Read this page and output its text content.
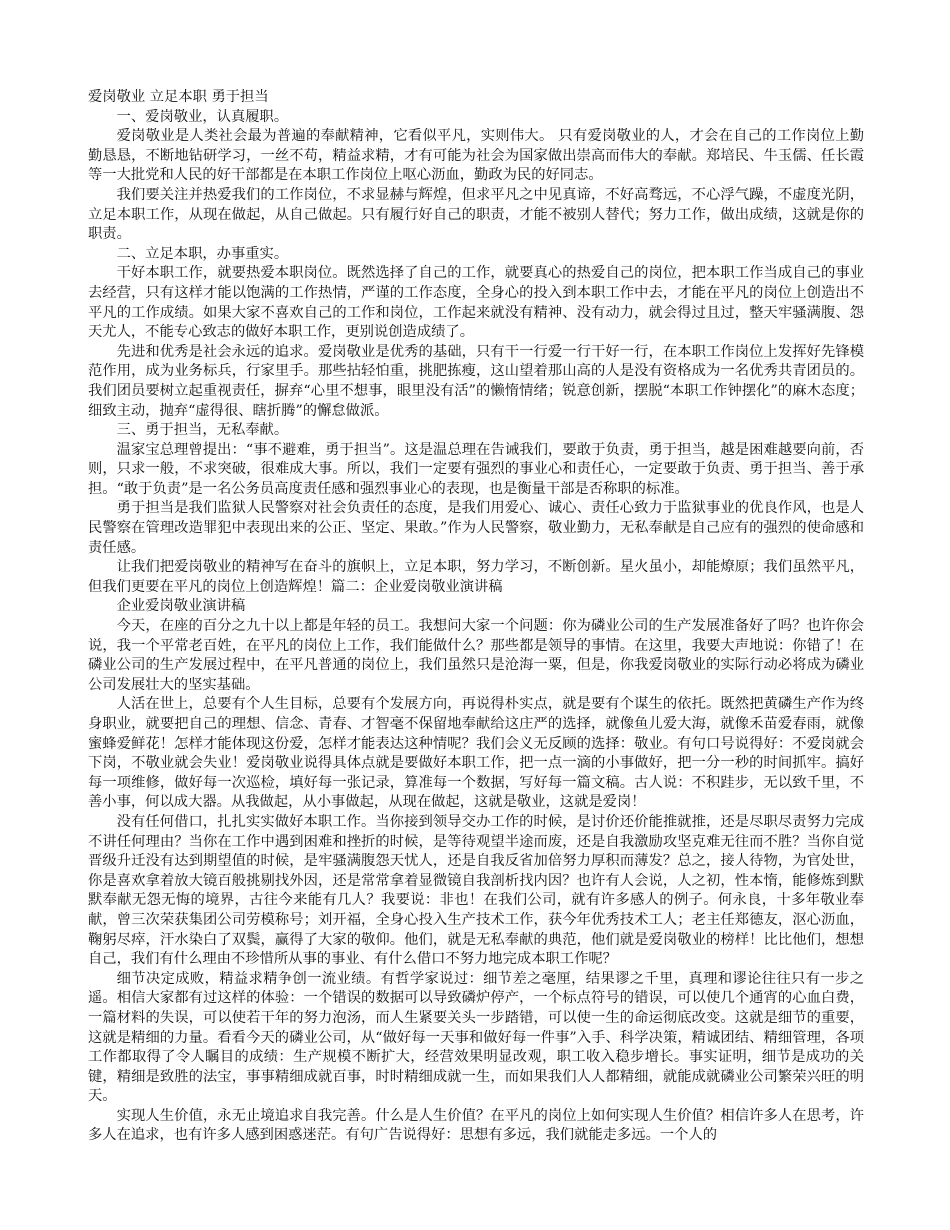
爱岗敬业 立足本职 勇于担当

一、爱岗敬业，认真履职。

爱岗敬业是人类社会最为普遍的奉献精神，它看似平凡，实则伟大。 只有爱岗敬业的人，才会在自己的工作岗位上勤勤恳恳，不断地钻研学习，一丝不苟，精益求精，才有可能为社会为国家做出崇高而伟大的奉献。郑培民、牛玉儒、任长霞等一大批党和人民的好干部都是在本职工作岗位上呕心沥血，勤政为民的好同志。

我们要关注并热爱我们的工作岗位，不求显赫与辉煌，但求平凡之中见真谛，不好高骛远，不心浮气躁，不虚度光阴，立足本职工作，从现在做起，从自己做起。只有履行好自己的职责，才能不被别人替代；努力工作，做出成绩，这就是你的职责。

二、立足本职，办事重实。

干好本职工作，就要热爱本职岗位。既然选择了自己的工作，就要真心的热爱自己的岗位，把本职工作当成自己的事业去经营，只有这样才能以饱满的工作热情，严谨的工作态度，全身心的投入到本职工作中去，才能在平凡的岗位上创造出不平凡的工作成绩。如果大家不喜欢自己的工作和岗位，工作起来就没有精神、没有动力，就会得过且过，整天牢骚满腹、怨天尤人，不能专心致志的做好本职工作，更别说创造成绩了。

先进和优秀是社会永远的追求。爱岗敬业是优秀的基础，只有干一行爱一行干好一行，在本职工作岗位上发挥好先锋模范作用，成为业务标兵，行家里手。那些拈轻怕重，挑肥拣瘦，这山望着那山高的人是没有资格成为一名优秀共青团员的。我们团员要树立起重视责任，摒弃“心里不想事，眼里没有活”的懒惰情绪；锐意创新，摆脱“本职工作钟摆化”的麻木态度；细致主动，抛弃“虚得很、瞎折腾”的懈怠做派。

三、勇于担当，无私奉献。

温家宝总理曾提出：“事不避难，勇于担当”。这是温总理在告诫我们，要敢于负责，勇于担当，越是困难越要向前，否则，只求一般，不求突破，很难成大事。所以，我们一定要有强烈的事业心和责任心，一定要敢于负责、勇于担当、善于承担。“敢于负责”是一名公务员高度责任感和强烈事业心的表现，也是衡量干部是否称职的标准。

勇于担当是我们监狱人民警察对社会负责任的态度，是我们用爱心、诚心、责任心致力于监狱事业的优良作风，也是人民警察在管理改造罪犯中表现出来的公正、坚定、果敢。”作为人民警察，敬业勤力，无私奉献是自己应有的强烈的使命感和责任感。

让我们把爱岗敬业的精神写在奋斗的旗帜上，立足本职，努力学习，不断创新。星火虽小，却能燎原；我们虽然平凡，但我们更要在平凡的岗位上创造辉煌！篇二：企业爱岗敬业演讲稿

企业爱岗敬业演讲稿

今天，在座的百分之九十以上都是年轻的员工。我想问大家一个问题：你为磷业公司的生产发展准备好了吗？也许你会说，我一个平常老百姓，在平凡的岗位上工作，我们能做什么？那些都是领导的事情。在这里，我要大声地说：你错了！在磷业公司的生产发展过程中，在平凡普通的岗位上，我们虽然只是沧海一粟，但是，你我爱岗敬业的实际行动必将成为磷业公司发展壮大的坚实基础。

人活在世上，总要有个人生目标，总要有个发展方向，再说得朴实点，就是要有个谋生的依托。既然把黄磷生产作为终身职业，就要把自己的理想、信念、青春、才智毫不保留地奉献给这庄严的选择，就像鱼儿爱大海，就像禾苗爱春雨，就像蜜蜂爱鲜花！怎样才能体现这份爱，怎样才能表达这种情呢？我们会义无反顾的选择：敬业。有句口号说得好：不爱岗就会下岗，不敬业就会失业！爱岗敬业说得具体点就是要做好本职工作，把一点一滴的小事做好，把一分一秒的时间抓牢。搞好每一项维修，做好每一次巡检，填好每一张记录，算准每一个数据，写好每一篇文稿。古人说：不积跬步，无以致千里，不善小事，何以成大器。从我做起，从小事做起，从现在做起，这就是敬业，这就是爱岗！

没有任何借口，扎扎实实做好本职工作。当你接到领导交办工作的时候，是讨价还价能推就推，还是尽职尽责努力完成不讲任何理由？当你在工作中遇到困难和挫折的时候，是等待观望半途而废，还是自我激励攻坚克难无往而不胜？当你自觉晋级升迁没有达到期望值的时候，是牢骚满腹怨天忧人，还是自我反省加倍努力厚积而薄发？总之，接人待物，为官处世，你是喜欢拿着放大镜百般挑剔找外因，还是常常拿着显微镜自我剖析找内因？也许有人会说，人之初，性本惰，能修炼到默默奉献无怨无悔的境界，古往今来能有几人？我要说：非也！在我们公司，就有许多感人的例子。何永良，十多年敬业奉献，曾三次荣获集团公司劳模称号；刘开福，全身心投入生产技术工作，获今年优秀技术工人；老主任郑德友，沤心沥血，鞠躬尽瘁，汗水染白了双鬓，赢得了大家的敬仰。他们，就是无私奉献的典范，他们就是爱岗敬业的榜样！比比他们，想想自己，我们有什么理由不珍惜所从事的事业、有什么借口不努力地完成本职工作呢？

细节决定成败，精益求精争创一流业绩。有哲学家说过：细节差之毫厘，结果谬之千里，真理和谬论往往只有一步之遥。相信大家都有过这样的体验：一个错误的数据可以导致磷炉停产，一个标点符号的错误，可以使几个通宵的心血白费，一篇材料的失误，可以使若干年的努力泡汤，而人生紧要关头一步踏错，可以使一生的命运彻底改变。这就是细节的重要，这就是精细的力量。看看今天的磷业公司，从“做好每一天事和做好每一件事”入手、科学决策，精诚团结、精细管理，各项工作都取得了令人瞩目的成绩：生产规模不断扩大，经营效果明显改观，职工收入稳步增长。事实证明，细节是成功的关键，精细是致胜的法宝，事事精细成就百事，时时精细成就一生，而如果我们人人都精细，就能成就磷业公司繁荣兴旺的明天。

实现人生价值，永无止境追求自我完善。什么是人生价值？在平凡的岗位上如何实现人生价值？相信许多人在思考，许多人在追求，也有许多人感到困惑迷茫。有句广告说得好：思想有多远，我们就能走多远。一个人的
